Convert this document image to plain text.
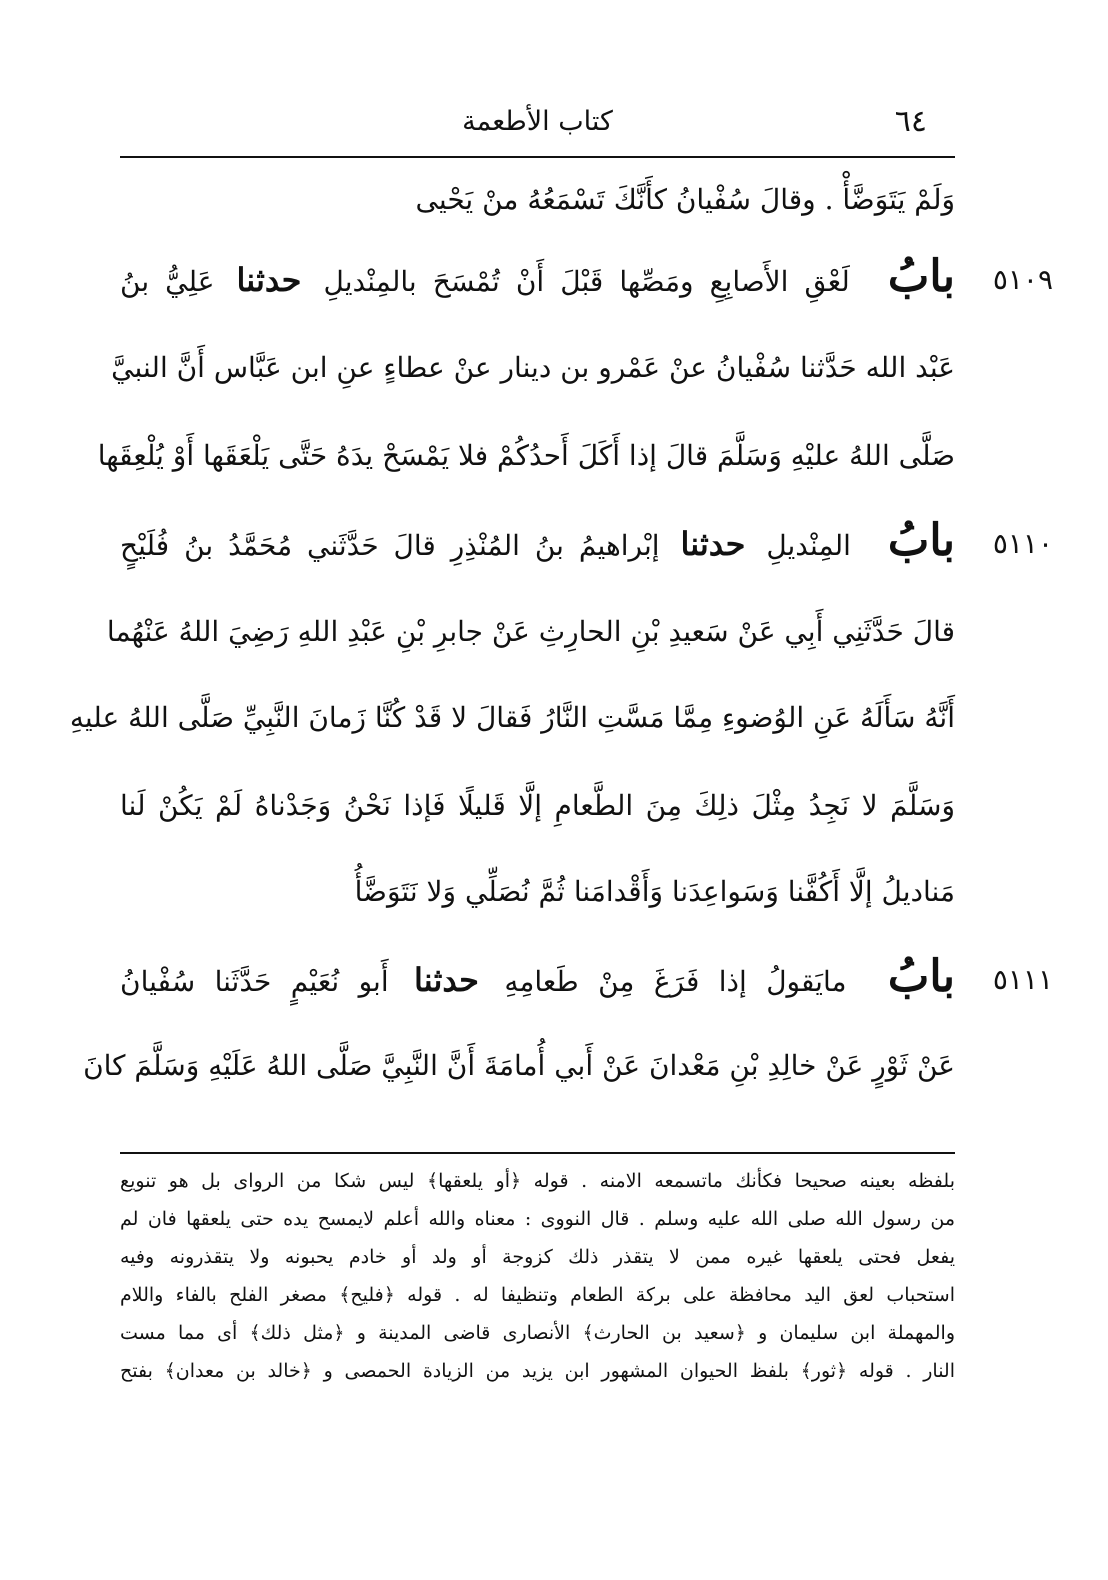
كتاب الأطعمة	٦٤
وَلَمْ يَتَوَضَّأْ . وقالَ سُفْيانُ كأَنَّكَ تَسْمَعُهُ منْ يَحْيى
٥١٠٩
بابُ لَعْقِ الأَصابِعِ ومَصِّها قَبْلَ أَنْ تُمْسَحَ بالمِنْديلِ حدثنا عَلِيُّ بنُ
عَبْد الله حَدَّثنا سُفْيانُ عنْ عَمْرو بن دينار عنْ عطاءٍ عنِ ابن عَبَّاس أَنَّ النبيَّ
صَلَّى اللهُ عليْهِ وَسَلَّمَ قالَ إذا أَكَلَ أَحدُكُمْ فلا يَمْسَحْ يدَهُ حَتَّى يَلْعَقَها أَوْ يُلْعِقَها
٥١١٠
بابُ المِنْديلِ حدثنا إبْراهيمُ بنُ المُنْذِرِ قالَ حَدَّثَني مُحَمَّدُ بنُ فُلَيْحٍ
قالَ حَدَّثَنِي أَبِي عَنْ سَعيدِ بْنِ الحارِثِ عَنْ جابرِ بْنِ عَبْدِ اللهِ رَضِيَ اللهُ عَنْهُما
أَنَّهُ سَأَلَهُ عَنِ الوُضوءِ مِمَّا مَسَّتِ النَّارُ فَقالَ لا قَدْ كُنَّا زَمانَ النَّبِيِّ صَلَّى اللهُ عليهِ
وَسَلَّمَ لا نَجِدُ مِثْلَ ذلِكَ مِنَ الطَّعامِ إلَّا قَليلًا فَإذا نَحْنُ وَجَدْناهُ لَمْ يَكُنْ لَنا
مَناديلُ إلَّا أَكُفَّنا وَسَواعِدَنا وَأَقْدامَنا ثُمَّ نُصَلِّي وَلا نَتَوَضَّأُ
٥١١١
بابُ مايَقولُ إذا فَرَغَ مِنْ طَعامِهِ حدثنا أَبو نُعَيْمٍ حَدَّثَنا سُفْيانُ
عَنْ ثَوْرٍ عَنْ خالِدِ بْنِ مَعْدانَ عَنْ أَبي أُمامَةَ أَنَّ النَّبِيَّ صَلَّى اللهُ عَلَيْهِ وَسَلَّمَ كانَ
بلفظه بعينه صحيحا فكأنك ماتسمعه الامنه . قوله ﴿أو يلعقها﴾ ليس شكا من الرواى بل هو تنويع
من رسول الله صلى الله عليه وسلم . قال النووى : معناه والله أعلم لايمسح يده حتى يلعقها فان لم
يفعل فحتى يلعقها غيره ممن لا يتقذر ذلك كزوجة أو ولد أو خادم يحبونه ولا يتقذرونه وفيه
استحباب لعق اليد محافظة على بركة الطعام وتنظيفا له . قوله ﴿فليح﴾ مصغر الفلح بالفاء واللام
والمهملة ابن سليمان و ﴿سعيد بن الحارث﴾ الأنصارى قاضى المدينة و ﴿مثل ذلك﴾ أى مما مست
النار . قوله ﴿ثور﴾ بلفظ الحيوان المشهور ابن يزيد من الزيادة الحمصى و ﴿خالد بن معدان﴾ بفتح
